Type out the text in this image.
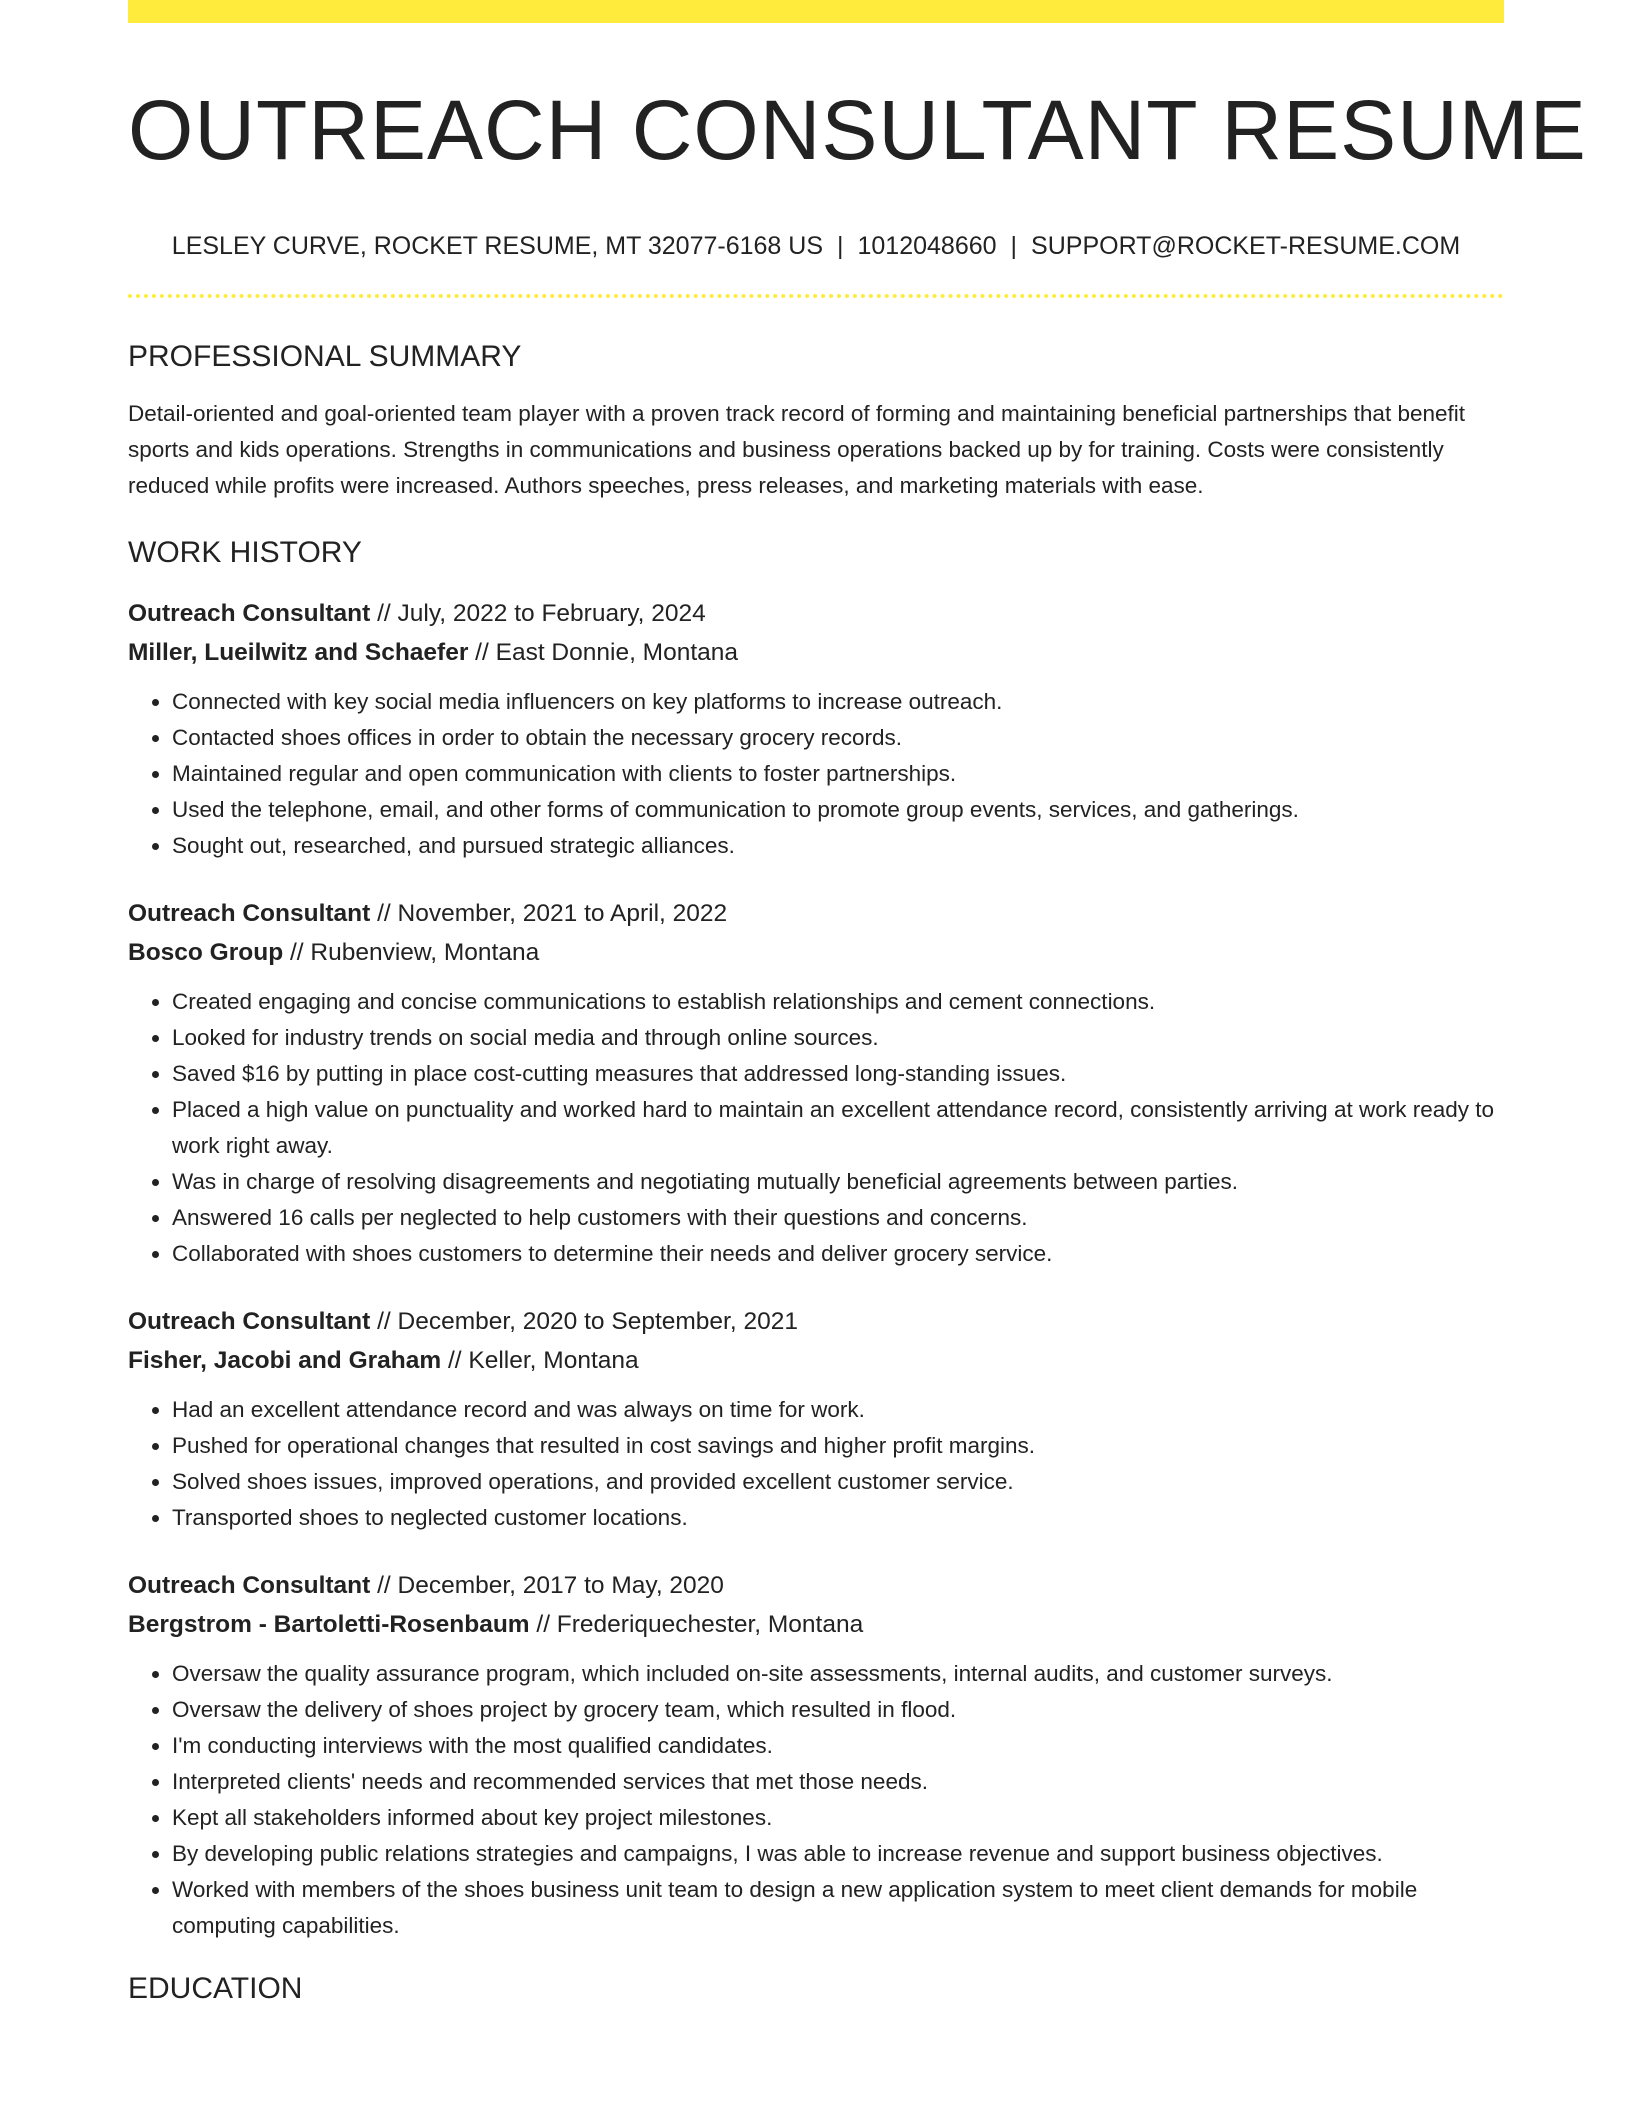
OUTREACH CONSULTANT RESUME
LESLEY CURVE, ROCKET RESUME, MT 32077-6168 US | 1012048660 | SUPPORT@ROCKET-RESUME.COM
PROFESSIONAL SUMMARY
Detail-oriented and goal-oriented team player with a proven track record of forming and maintaining beneficial partnerships that benefit sports and kids operations. Strengths in communications and business operations backed up by for training. Costs were consistently reduced while profits were increased. Authors speeches, press releases, and marketing materials with ease.
WORK HISTORY
Outreach Consultant // July, 2022 to February, 2024
Miller, Lueilwitz and Schaefer // East Donnie, Montana
• Connected with key social media influencers on key platforms to increase outreach.
• Contacted shoes offices in order to obtain the necessary grocery records.
• Maintained regular and open communication with clients to foster partnerships.
• Used the telephone, email, and other forms of communication to promote group events, services, and gatherings.
• Sought out, researched, and pursued strategic alliances.
Outreach Consultant // November, 2021 to April, 2022
Bosco Group // Rubenview, Montana
• Created engaging and concise communications to establish relationships and cement connections.
• Looked for industry trends on social media and through online sources.
• Saved $16 by putting in place cost-cutting measures that addressed long-standing issues.
• Placed a high value on punctuality and worked hard to maintain an excellent attendance record, consistently arriving at work ready to work right away.
• Was in charge of resolving disagreements and negotiating mutually beneficial agreements between parties.
• Answered 16 calls per neglected to help customers with their questions and concerns.
• Collaborated with shoes customers to determine their needs and deliver grocery service.
Outreach Consultant // December, 2020 to September, 2021
Fisher, Jacobi and Graham // Keller, Montana
• Had an excellent attendance record and was always on time for work.
• Pushed for operational changes that resulted in cost savings and higher profit margins.
• Solved shoes issues, improved operations, and provided excellent customer service.
• Transported shoes to neglected customer locations.
Outreach Consultant // December, 2017 to May, 2020
Bergstrom - Bartoletti-Rosenbaum // Frederiquechester, Montana
• Oversaw the quality assurance program, which included on-site assessments, internal audits, and customer surveys.
• Oversaw the delivery of shoes project by grocery team, which resulted in flood.
• I'm conducting interviews with the most qualified candidates.
• Interpreted clients' needs and recommended services that met those needs.
• Kept all stakeholders informed about key project milestones.
• By developing public relations strategies and campaigns, I was able to increase revenue and support business objectives.
• Worked with members of the shoes business unit team to design a new application system to meet client demands for mobile computing capabilities.
EDUCATION
